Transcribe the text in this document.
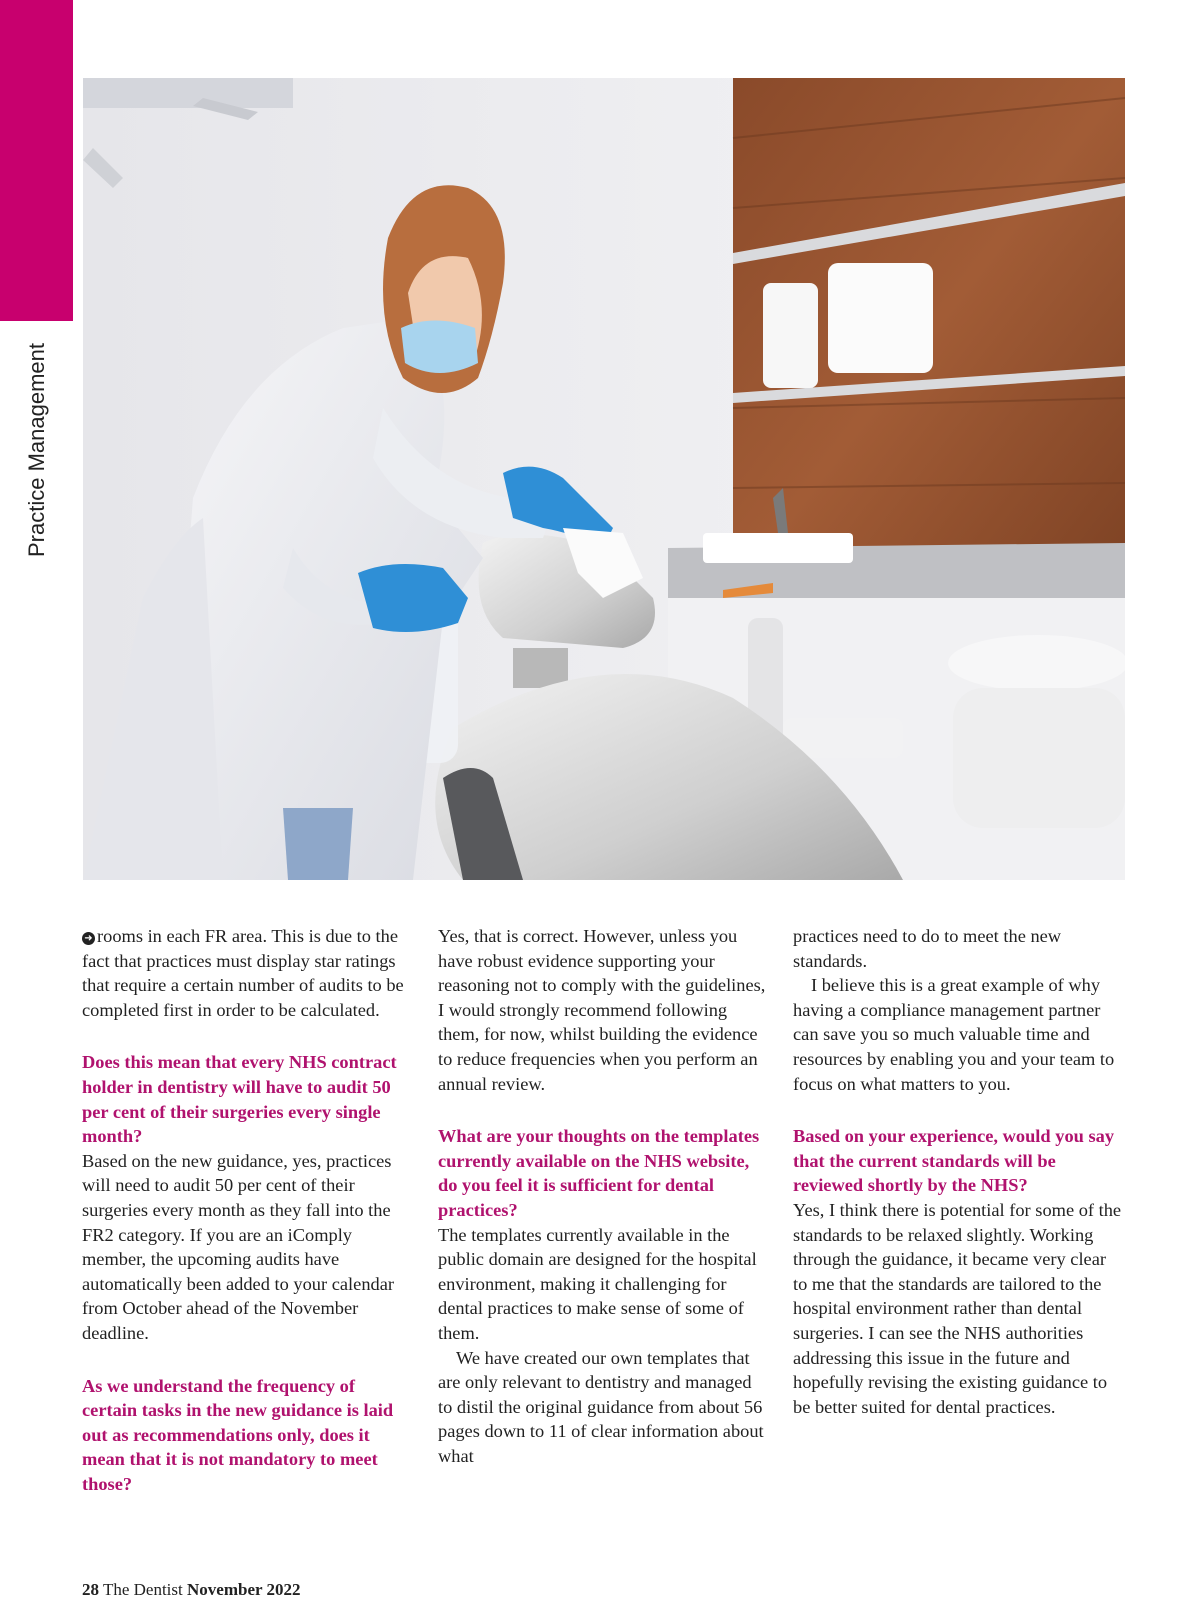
Practice Management

➜ rooms in each FR area. This is due to the fact that practices must display star ratings that require a certain number of audits to be completed first in order to be calculated.

Does this mean that every NHS contract holder in dentistry will have to audit 50 per cent of their surgeries every single month?

Based on the new guidance, yes, practices will need to audit 50 per cent of their surgeries every month as they fall into the FR2 category. If you are an iComply member, the upcoming audits have automatically been added to your calendar from October ahead of the November deadline.

As we understand the frequency of certain tasks in the new guidance is laid out as recommendations only, does it mean that it is not mandatory to meet those?

Yes, that is correct. However, unless you have robust evidence supporting your reasoning not to comply with the guidelines, I would strongly recommend following them, for now, whilst building the evidence to reduce frequencies when you perform an annual review.

What are your thoughts on the templates currently available on the NHS website, do you feel it is sufficient for dental practices?

The templates currently available in the public domain are designed for the hospital environment, making it challenging for dental practices to make sense of some of them.

We have created our own templates that are only relevant to dentistry and managed to distil the original guidance from about 56 pages down to 11 of clear information about what

practices need to do to meet the new standards.

I believe this is a great example of why having a compliance management partner can save you so much valuable time and resources by enabling you and your team to focus on what matters to you.

Based on your experience, would you say that the current standards will be reviewed shortly by the NHS?

Yes, I think there is potential for some of the standards to be relaxed slightly. Working through the guidance, it became very clear to me that the standards are tailored to the hospital environment rather than dental surgeries. I can see the NHS authorities addressing this issue in the future and hopefully revising the existing guidance to be better suited for dental practices.

28 The Dentist November 2022
